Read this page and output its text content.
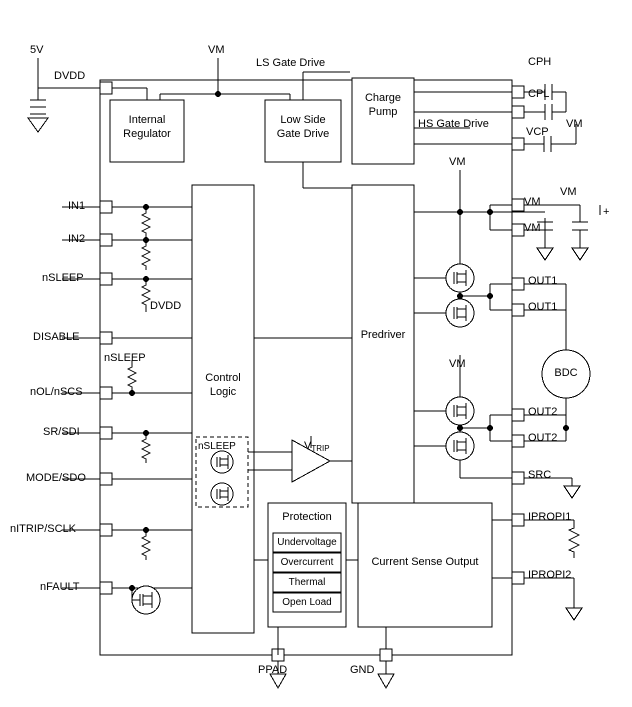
5V
DVDD
VM
LS Gate Drive
HS Gate Drive
Internal
Regulator
Low Side
Gate Drive
Charge
Pump
Control
Logic
Predriver
Protection
Current Sense Output
Undervoltage
Overcurrent
Thermal
Open Load
IN1
IN2
nSLEEP
DISABLE
nOL/nSCS
SR/SDI
MODE/SDO
nITRIP/SCLK
nFAULT
DVDD
nSLEEP
nSLEEP	$V_{TRIP}$
CPH
CPL
VCP
VM
VM
VM
VM
VM
VM
+
OUT1
OUT1
OUT2
OUT2
SRC
IPROPI1
IPROPI2
BDC
PPAD	GND
